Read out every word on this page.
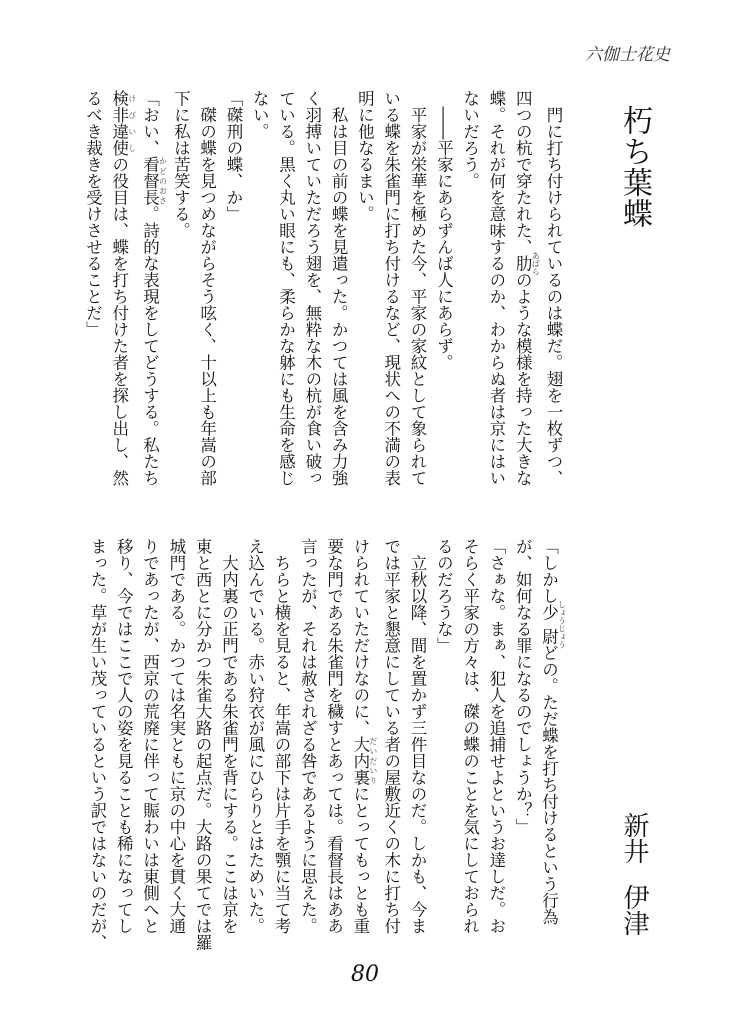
六伽士花史
朽ち葉蝶
　門に打ち付けられているのは蝶だ。翅を一枚ずつ、
四つの杭で穿たれた、肋 あばらのような模様を持った大きな
蝶。それが何を意味するのか、わからぬ者は京にはい
ないだろう。
　――平家にあらずんば人にあらず。
　平家が栄華を極めた今、平家の家紋として象られて
いる蝶を朱雀門に打ち付けるなど、現状への不満の表
明に他なるまい。
　私は目の前の蝶を見遣った。かつては風を含み力強
く羽搏いていただろう翅を、無粋な木の杭が食い破っ
ている。黒く丸い眼にも、柔らかな躰にも生命を感じ
ない。
「磔刑の蝶、か」
　磔の蝶を見つめながらそう呟く、十以上も年嵩の部
下に私は苦笑する。
「おい、看督長 かどのおさ。詩的な表現をしてどうする。私たち
検非違使 けびいしの役目は、蝶を打ち付けた者を探し出し、然
るべき裁きを受けさせることだ」
「しかし少尉 しょうじょうどの。ただ蝶を打ち付けるという行為
が、如何なる罪になるのでしょうか？」
「さぁな。まぁ、犯人を追捕せよというお達しだ。お
そらく平家の方々は、磔の蝶のことを気にしておられ
るのだろうな」
　立秋以降、間を置かず三件目なのだ。しかも、今ま
では平家と懇意にしている者の屋敷近くの木に打ち付
けられていただけなのに、大内裏 だいだいりにとってもっとも重
要な門である朱雀門を穢すとあっては。看督長はああ
言ったが、それは赦されざる咎であるように思えた。
　ちらと横を見ると、年嵩の部下は片手を顎に当て考
え込んでいる。赤い狩衣が風にひらりとはためいた。
　大内裏の正門である朱雀門を背にする。ここは京を
東と西とに分かつ朱雀大路の起点だ。大路の果てでは羅
城門である。かつては名実ともに京の中心を貫く大通
りであったが、西京の荒廃に伴って賑わいは東側へと
移り、今ではここで人の姿を見ることも稀になってし
まった。草が生い茂っているという訳ではないのだが、	新井伊津
80
